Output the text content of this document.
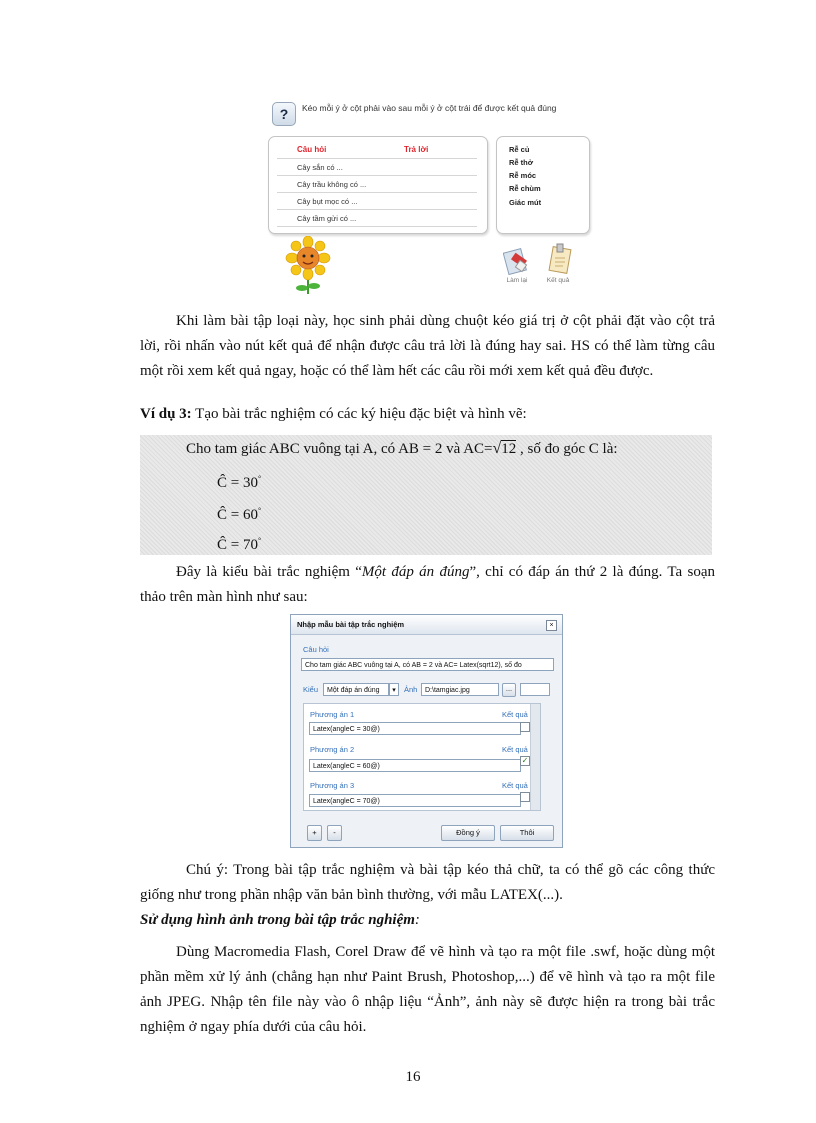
?	Kéo mỗi ý ở cột phải vào sau mỗi ý ở cột trái để được kết quả đúng
Câu hỏi	Trả lời
Cây sắn có ...
Cây trầu không có ...
Cây bụt mọc có ...
Cây tầm gửi có ...
Rễ củ
Rễ thở
Rễ móc
Rễ chùm
Giác mút
Làm lại	Kết quả
Khi làm bài tập loại này, học sinh phải dùng chuột kéo giá trị ở cột phải đặt vào cột trả lời, rồi nhấn vào nút kết quả để nhận được câu trả lời là đúng hay sai. HS có thể làm từng câu một rồi xem kết quả ngay, hoặc có thể làm hết các câu rồi mới xem kết quả đều được.
Ví dụ 3: Tạo bài trắc nghiệm có các ký hiệu đặc biệt và hình vẽ:
Cho tam giác ABC vuông tại A, có AB = 2 và AC=√12 , số đo góc C là:
Ĉ = 30°
Ĉ = 60°
Ĉ = 70°
Đây là kiểu bài trắc nghiệm “Một đáp án đúng”, chỉ có đáp án thứ 2 là đúng. Ta soạn thảo trên màn hình như sau:
Nhập mẫu bài tập trắc nghiệm	×
Câu hỏi
Cho tam giác ABC vuông tại A, có AB = 2 và AC= Latex(sqrt12), số đo
Kiểu	Một đáp án đúng	▾	Ảnh	D:\tamgiac.jpg	...
Phương án 1	Kết quả
Latex(angleC = 30@)
Phương án 2	Kết quả
Latex(angleC = 60@)
✓
Phương án 3	Kết quả
Latex(angleC = 70@)
+	-	Đồng ý	Thôi
Chú ý: Trong bài tập trắc nghiệm và bài tập kéo thả chữ, ta có thể gõ các công thức giống như trong phần nhập văn bản bình thường, với mẫu LATEX(...).
Sử dụng hình ảnh trong bài tập trắc nghiệm:
Dùng Macromedia Flash, Corel Draw để vẽ hình và tạo ra một file .swf, hoặc dùng một phần mềm xử lý ảnh (chẳng hạn như Paint Brush, Photoshop,...) để vẽ hình và tạo ra một file ảnh JPEG. Nhập tên file này vào ô nhập liệu “Ảnh”, ảnh này sẽ được hiện ra trong bài trắc nghiệm ở ngay phía dưới của câu hỏi.
16
